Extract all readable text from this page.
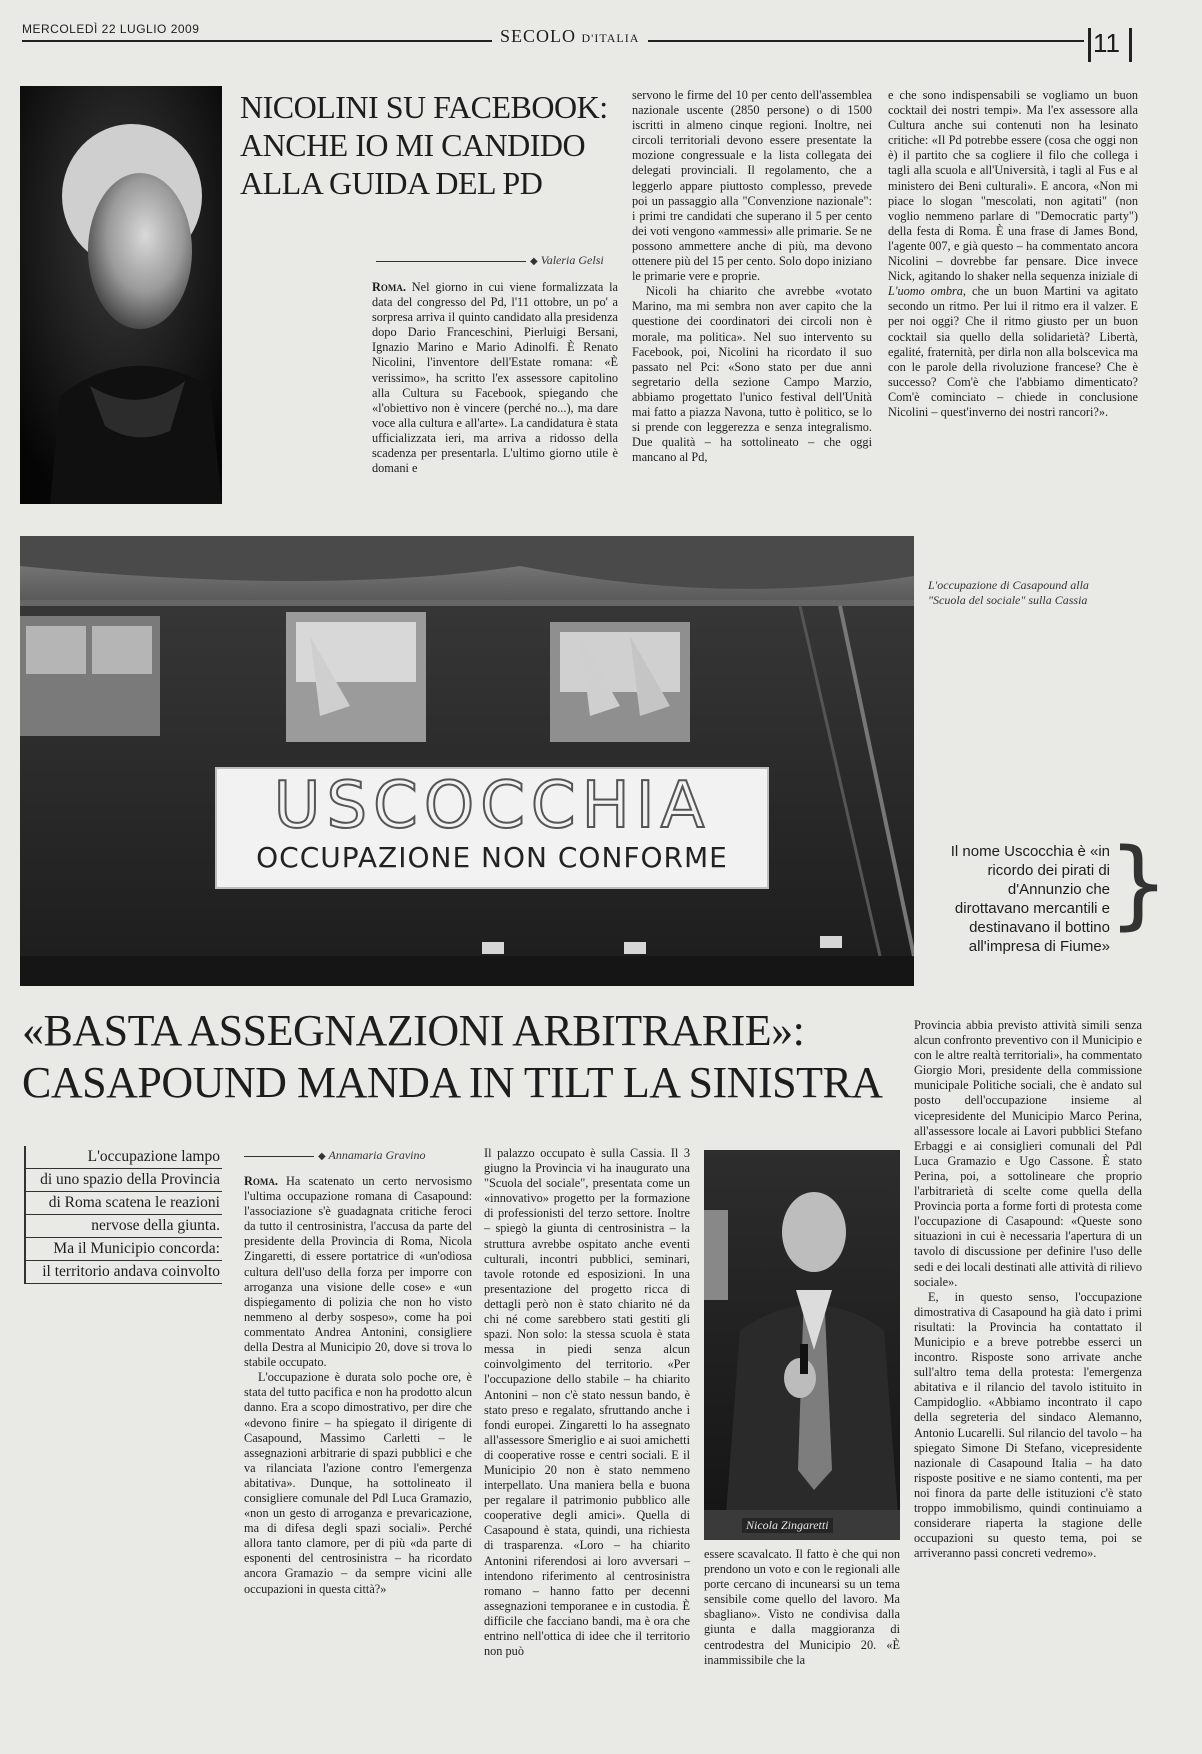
MERCOLEDÌ 22 LUGLIO 2009	SECOLO D'ITALIA	11
NICOLINI SU FACEBOOK: ANCHE IO MI CANDIDO ALLA GUIDA DEL PD
◆ Valeria Gelsi

Roma. Nel giorno in cui viene formalizzata la data del congresso del Pd, l'11 ottobre, un po' a sorpresa arriva il quinto candidato alla presidenza dopo Dario Franceschini, Pierluigi Bersani, Ignazio Marino e Mario Adinolfi. È Renato Nicolini, l'inventore dell'Estate romana: «È verissimo», ha scritto l'ex assessore capitolino alla Cultura su Facebook, spiegando che «l'obiettivo non è vincere (perché no...), ma dare voce alla cultura e all'arte». La candidatura è stata ufficializzata ieri, ma arriva a ridosso della scadenza per presentarla. L'ultimo giorno utile è domani e

servono le firme del 10 per cento dell'assemblea nazionale uscente (2850 persone) o di 1500 iscritti in almeno cinque regioni. Inoltre, nei circoli territoriali devono essere presentate la mozione congressuale e la lista collegata dei delegati provinciali. Il regolamento, che a leggerlo appare piuttosto complesso, prevede poi un passaggio alla "Convenzione nazionale": i primi tre candidati che superano il 5 per cento dei voti vengono «ammessi» alle primarie. Se ne possono ammettere anche di più, ma devono ottenere più del 15 per cento. Solo dopo iniziano le primarie vere e proprie.

Nicoli ha chiarito che avrebbe «votato Marino, ma mi sembra non aver capito che la questione dei coordinatori dei circoli non è morale, ma politica». Nel suo intervento su Facebook, poi, Nicolini ha ricordato il suo passato nel Pci: «Sono stato per due anni segretario della sezione Campo Marzio, abbiamo progettato l'unico festival dell'Unità mai fatto a piazza Navona, tutto è politico, se lo si prende con leggerezza e senza integralismo. Due qualità – ha sottolineato – che oggi mancano al Pd,

e che sono indispensabili se vogliamo un buon cocktail dei nostri tempi». Ma l'ex assessore alla Cultura anche sui contenuti non ha lesinato critiche: «Il Pd potrebbe essere (cosa che oggi non è) il partito che sa cogliere il filo che collega i tagli alla scuola e all'Università, i tagli al Fus e al ministero dei Beni culturali». E ancora, «Non mi piace lo slogan "mescolati, non agitati" (non voglio nemmeno parlare di "Democratic party") della festa di Roma. È una frase di James Bond, l'agente 007, e già questo – ha commentato ancora Nicolini – dovrebbe far pensare. Dice invece Nick, agitando lo shaker nella sequenza iniziale di L'uomo ombra, che un buon Martini va agitato secondo un ritmo. Per lui il ritmo era il valzer. E per noi oggi? Che il ritmo giusto per un buon cocktail sia quello della solidarietà? Libertà, egalité, fraternità, per dirla non alla bolscevica ma con le parole della rivoluzione francese? Che è successo? Com'è che l'abbiamo dimenticato? Com'è cominciato – chiede in conclusione Nicolini – quest'inverno dei nostri rancori?».

USCOCCHIA
OCCUPAZIONE NON CONFORME
L'occupazione di Casapound alla "Scuola del sociale" sulla Cassia
Il nome Uscocchia è «in ricordo dei pirati di d'Annunzio che dirottavano mercantili e destinavano il bottino all'impresa di Fiume»
}
«BASTA ASSEGNAZIONI ARBITRARIE»:
CASAPOUND MANDA IN TILT LA SINISTRA
L'occupazione lampo
di uno spazio della Provincia
di Roma scatena le reazioni
nervose della giunta.
Ma il Municipio concorda:
il territorio andava coinvolto
◆ Annamaria Gravino

Roma. Ha scatenato un certo nervosismo l'ultima occupazione romana di Casapound: l'associazione s'è guadagnata critiche feroci da tutto il centrosinistra, l'accusa da parte del presidente della Provincia di Roma, Nicola Zingaretti, di essere portatrice di «un'odiosa cultura dell'uso della forza per imporre con arroganza una visione delle cose» e «un dispiegamento di polizia che non ho visto nemmeno al derby sospeso», come ha poi commentato Andrea Antonini, consigliere della Destra al Municipio 20, dove si trova lo stabile occupato.

L'occupazione è durata solo poche ore, è stata del tutto pacifica e non ha prodotto alcun danno. Era a scopo dimostrativo, per dire che «devono finire – ha spiegato il dirigente di Casapound, Massimo Carletti – le assegnazioni arbitrarie di spazi pubblici e che va rilanciata l'azione contro l'emergenza abitativa». Dunque, ha sottolineato il consigliere comunale del Pdl Luca Gramazio, «non un gesto di arroganza e prevaricazione, ma di difesa degli spazi sociali». Perché allora tanto clamore, per di più «da parte di esponenti del centrosinistra – ha ricordato ancora Gramazio – da sempre vicini alle occupazioni in questa città?»

Il palazzo occupato è sulla Cassia. Il 3 giugno la Provincia vi ha inaugurato una "Scuola del sociale", presentata come un «innovativo» progetto per la formazione di professionisti del terzo settore. Inoltre – spiegò la giunta di centrosinistra – la struttura avrebbe ospitato anche eventi culturali, incontri pubblici, seminari, tavole rotonde ed esposizioni. In una presentazione del progetto ricca di dettagli però non è stato chiarito né da chi né come sarebbero stati gestiti gli spazi. Non solo: la stessa scuola è stata messa in piedi senza alcun coinvolgimento del territorio. «Per l'occupazione dello stabile – ha chiarito Antonini – non c'è stato nessun bando, è stato preso e regalato, sfruttando anche i fondi europei. Zingaretti lo ha assegnato all'assessore Smeriglio e ai suoi amichetti di cooperative rosse e centri sociali. E il Municipio 20 non è stato nemmeno interpellato. Una maniera bella e buona per regalare il patrimonio pubblico alle cooperative degli amici». Quella di Casapound è stata, quindi, una richiesta di trasparenza. «Loro – ha chiarito Antonini riferendosi ai loro avversari – intendono riferimento al centrosinistra romano – hanno fatto per decenni assegnazioni temporanee e in custodia. È difficile che facciano bandi, ma è ora che entrino nell'ottica di idee che il territorio non può

essere scavalcato. Il fatto è che qui non prendono un voto e con le regionali alle porte cercano di incunearsi su un tema sensibile come quello del lavoro. Ma sbagliano». Visto ne condivisa dalla giunta e dalla maggioranza di centrodestra del Municipio 20. «È inammissibile che la

Provincia abbia previsto attività simili senza alcun confronto preventivo con il Municipio e con le altre realtà territoriali», ha commentato Giorgio Mori, presidente della commissione municipale Politiche sociali, che è andato sul posto dell'occupazione insieme al vicepresidente del Municipio Marco Perina, all'assessore locale ai Lavori pubblici Stefano Erbaggi e ai consiglieri comunali del Pdl Luca Gramazio e Ugo Cassone. È stato Perina, poi, a sottolineare che proprio l'arbitrarietà di scelte come quella della Provincia porta a forme forti di protesta come l'occupazione di Casapound: «Queste sono situazioni in cui è necessaria l'apertura di un tavolo di discussione per definire l'uso delle sedi e dei locali destinati alle attività di rilievo sociale».

E, in questo senso, l'occupazione dimostrativa di Casapound ha già dato i primi risultati: la Provincia ha contattato il Municipio e a breve potrebbe esserci un incontro. Risposte sono arrivate anche sull'altro tema della protesta: l'emergenza abitativa e il rilancio del tavolo istituito in Campidoglio. «Abbiamo incontrato il capo della segreteria del sindaco Alemanno, Antonio Lucarelli. Sul rilancio del tavolo – ha spiegato Simone Di Stefano, vicepresidente nazionale di Casapound Italia – ha dato risposte positive e ne siamo contenti, ma per noi finora da parte delle istituzioni c'è stato troppo immobilismo, quindi continuiamo a considerare riaperta la stagione delle occupazioni su questo tema, poi se arriveranno passi concreti vedremo».

Nicola Zingaretti
